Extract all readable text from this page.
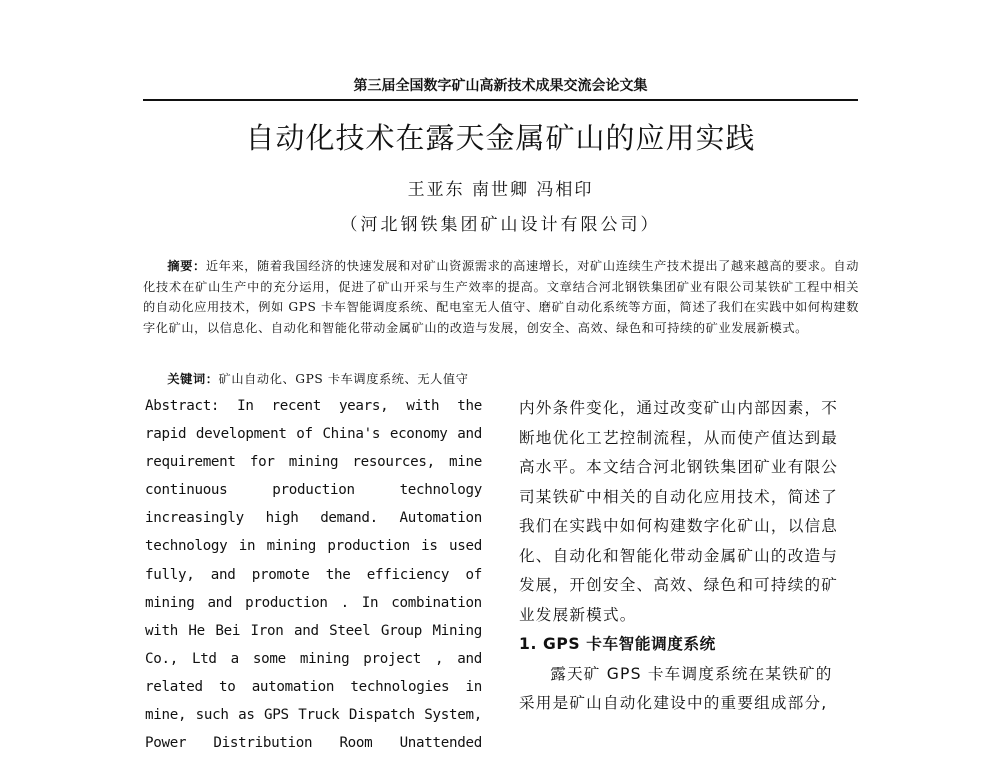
第三届全国数字矿山高新技术成果交流会论文集
自动化技术在露天金属矿山的应用实践
王亚东 南世卿 冯相印
（河北钢铁集团矿山设计有限公司）
摘要：近年来，随着我国经济的快速发展和对矿山资源需求的高速增长，对矿山连续生产技术提出了越来越高的要求。自动化技术在矿山生产中的充分运用，促进了矿山开采与生产效率的提高。文章结合河北钢铁集团矿业有限公司某铁矿工程中相关的自动化应用技术，例如 GPS 卡车智能调度系统、配电室无人值守、磨矿自动化系统等方面，简述了我们在实践中如何构建数字化矿山，以信息化、自动化和智能化带动金属矿山的改造与发展，创安全、高效、绿色和可持续的矿业发展新模式。
关键词：矿山自动化、GPS 卡车调度系统、无人值守
Abstract: In recent years, with the
rapid development of China's economy and
requirement for mining resources, mine
continuous	production	technology
increasingly high demand. Automation
technology in mining production is used
fully, and promote the efficiency of
mining and production . In combination
with He Bei Iron and Steel Group Mining
Co., Ltd a some mining project , and
related to automation technologies in
mine, such as GPS Truck Dispatch System,
Power Distribution Room Unattended
内外条件变化，通过改变矿山内部因素，不
断地优化工艺控制流程，从而使产值达到最
高水平。本文结合河北钢铁集团矿业有限公
司某铁矿中相关的自动化应用技术，简述了
我们在实践中如何构建数字化矿山，以信息
化、自动化和智能化带动金属矿山的改造与
发展，开创安全、高效、绿色和可持续的矿
业发展新模式。
1. GPS 卡车智能调度系统
露天矿 GPS 卡车调度系统在某铁矿的
采用是矿山自动化建设中的重要组成部分,
